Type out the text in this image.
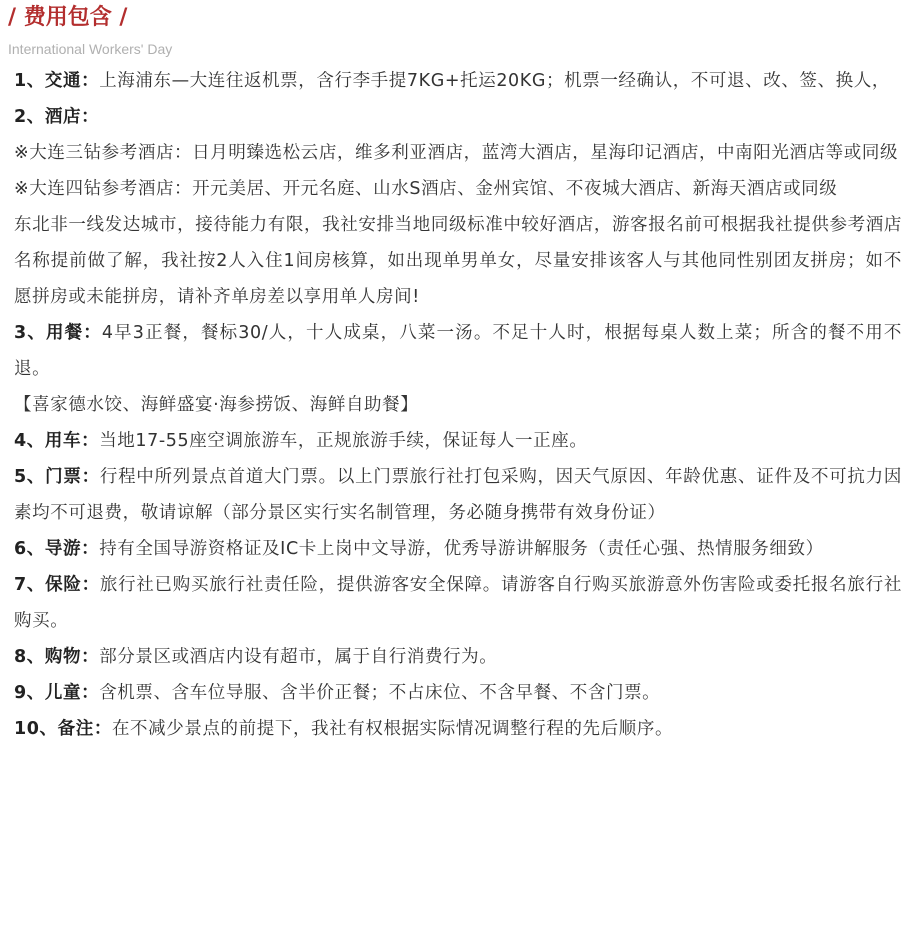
/ 费用包含 /
International Workers' Day

1、交通：上海浦东—大连往返机票，含行李手提7KG+托运20KG；机票一经确认，不可退、改、签、换人，

2、酒店：

※大连三钻参考酒店：日月明臻选松云店，维多利亚酒店，蓝湾大酒店，星海印记酒店，中南阳光酒店等或同级

※大连四钻参考酒店：开元美居、开元名庭、山水S酒店、金州宾馆、不夜城大酒店、新海天酒店或同级

东北非一线发达城市，接待能力有限，我社安排当地同级标准中较好酒店，游客报名前可根据我社提供参考酒店名称提前做了解，我社按2人入住1间房核算，如出现单男单女，尽量安排该客人与其他同性别团友拼房；如不愿拼房或未能拼房，请补齐单房差以享用单人房间!

3、用餐：4早3正餐，餐标30/人，十人成桌，八菜一汤。不足十人时，根据每桌人数上菜；所含的餐不用不退。

【喜家德水饺、海鲜盛宴·海参捞饭、海鲜自助餐】

4、用车：当地17-55座空调旅游车，正规旅游手续，保证每人一正座。

5、门票：行程中所列景点首道大门票。以上门票旅行社打包采购，因天气原因、年龄优惠、证件及不可抗力因素均不可退费，敬请谅解（部分景区实行实名制管理，务必随身携带有效身份证）

6、导游：持有全国导游资格证及IC卡上岗中文导游，优秀导游讲解服务（责任心强、热情服务细致）

7、保险：旅行社已购买旅行社责任险，提供游客安全保障。请游客自行购买旅游意外伤害险或委托报名旅行社购买。

8、购物：部分景区或酒店内设有超市，属于自行消费行为。

9、儿童：含机票、含车位导服、含半价正餐；不占床位、不含早餐、不含门票。

10、备注：在不减少景点的前提下，我社有权根据实际情况调整行程的先后顺序。
